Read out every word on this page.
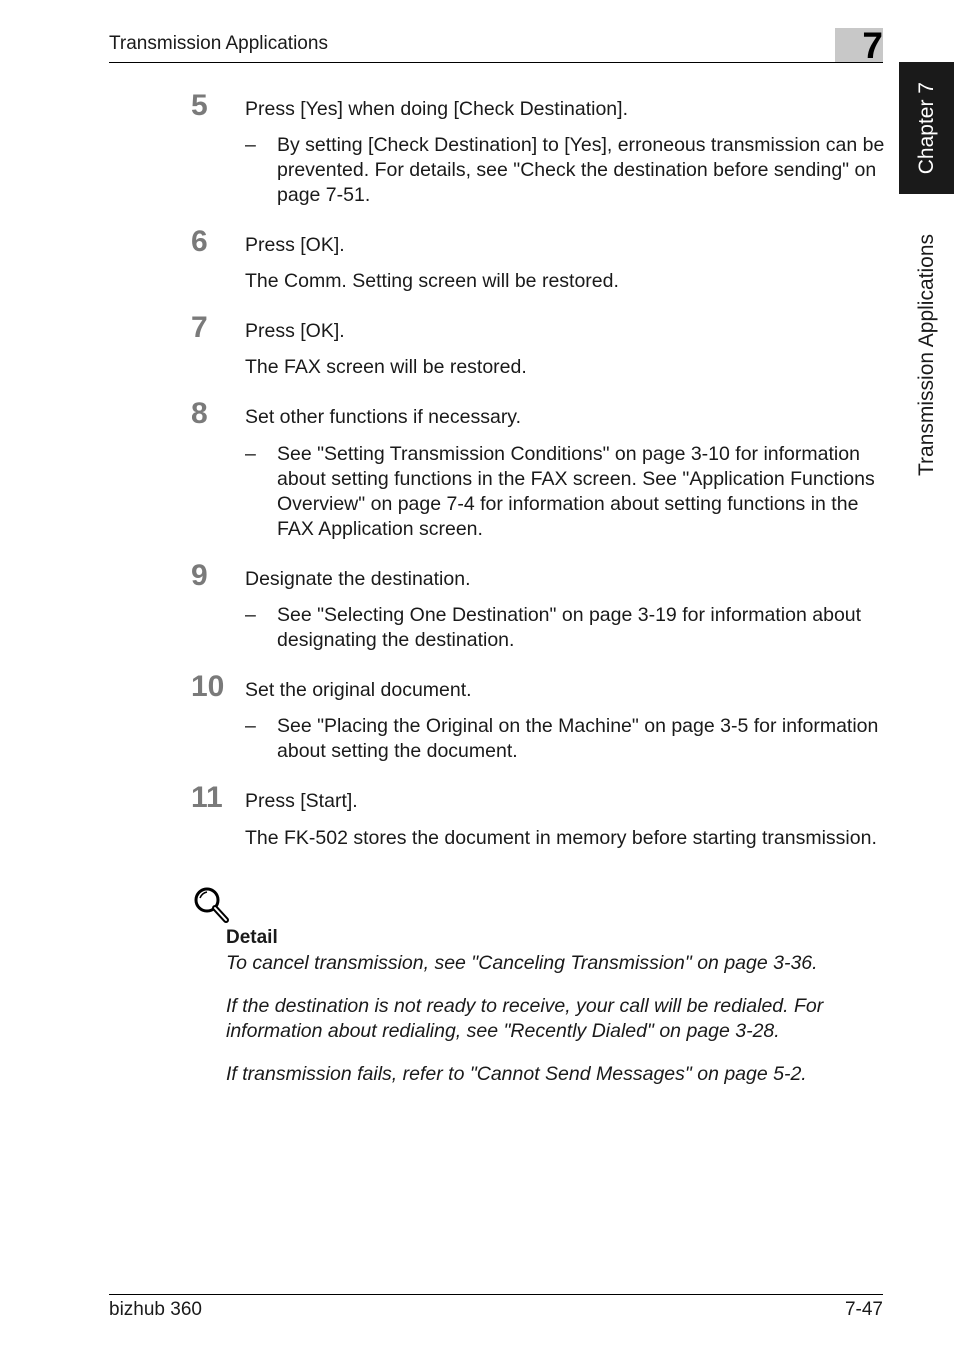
Transmission Applications	7
Chapter 7
Transmission Applications
5	Press [Yes] when doing [Check Destination].
– By setting [Check Destination] to [Yes], erroneous transmission can be prevented. For details, see "Check the destination before sending" on page 7-51.
6	Press [OK].
The Comm. Setting screen will be restored.
7	Press [OK].
The FAX screen will be restored.
8	Set other functions if necessary.
– See "Setting Transmission Conditions" on page 3-10 for information about setting functions in the FAX screen. See "Application Functions Overview" on page 7-4 for information about setting functions in the FAX Application screen.
9	Designate the destination.
– See "Selecting One Destination" on page 3-19 for information about designating the destination.
10	Set the original document.
– See "Placing the Original on the Machine" on page 3-5 for information about setting the document.
11	Press [Start].
The FK-502 stores the document in memory before starting transmission.
Detail
To cancel transmission, see "Canceling Transmission" on page 3-36.
If the destination is not ready to receive, your call will be redialed. For information about redialing, see "Recently Dialed" on page 3-28.
If transmission fails, refer to "Cannot Send Messages" on page 5-2.
bizhub 360	7-47
